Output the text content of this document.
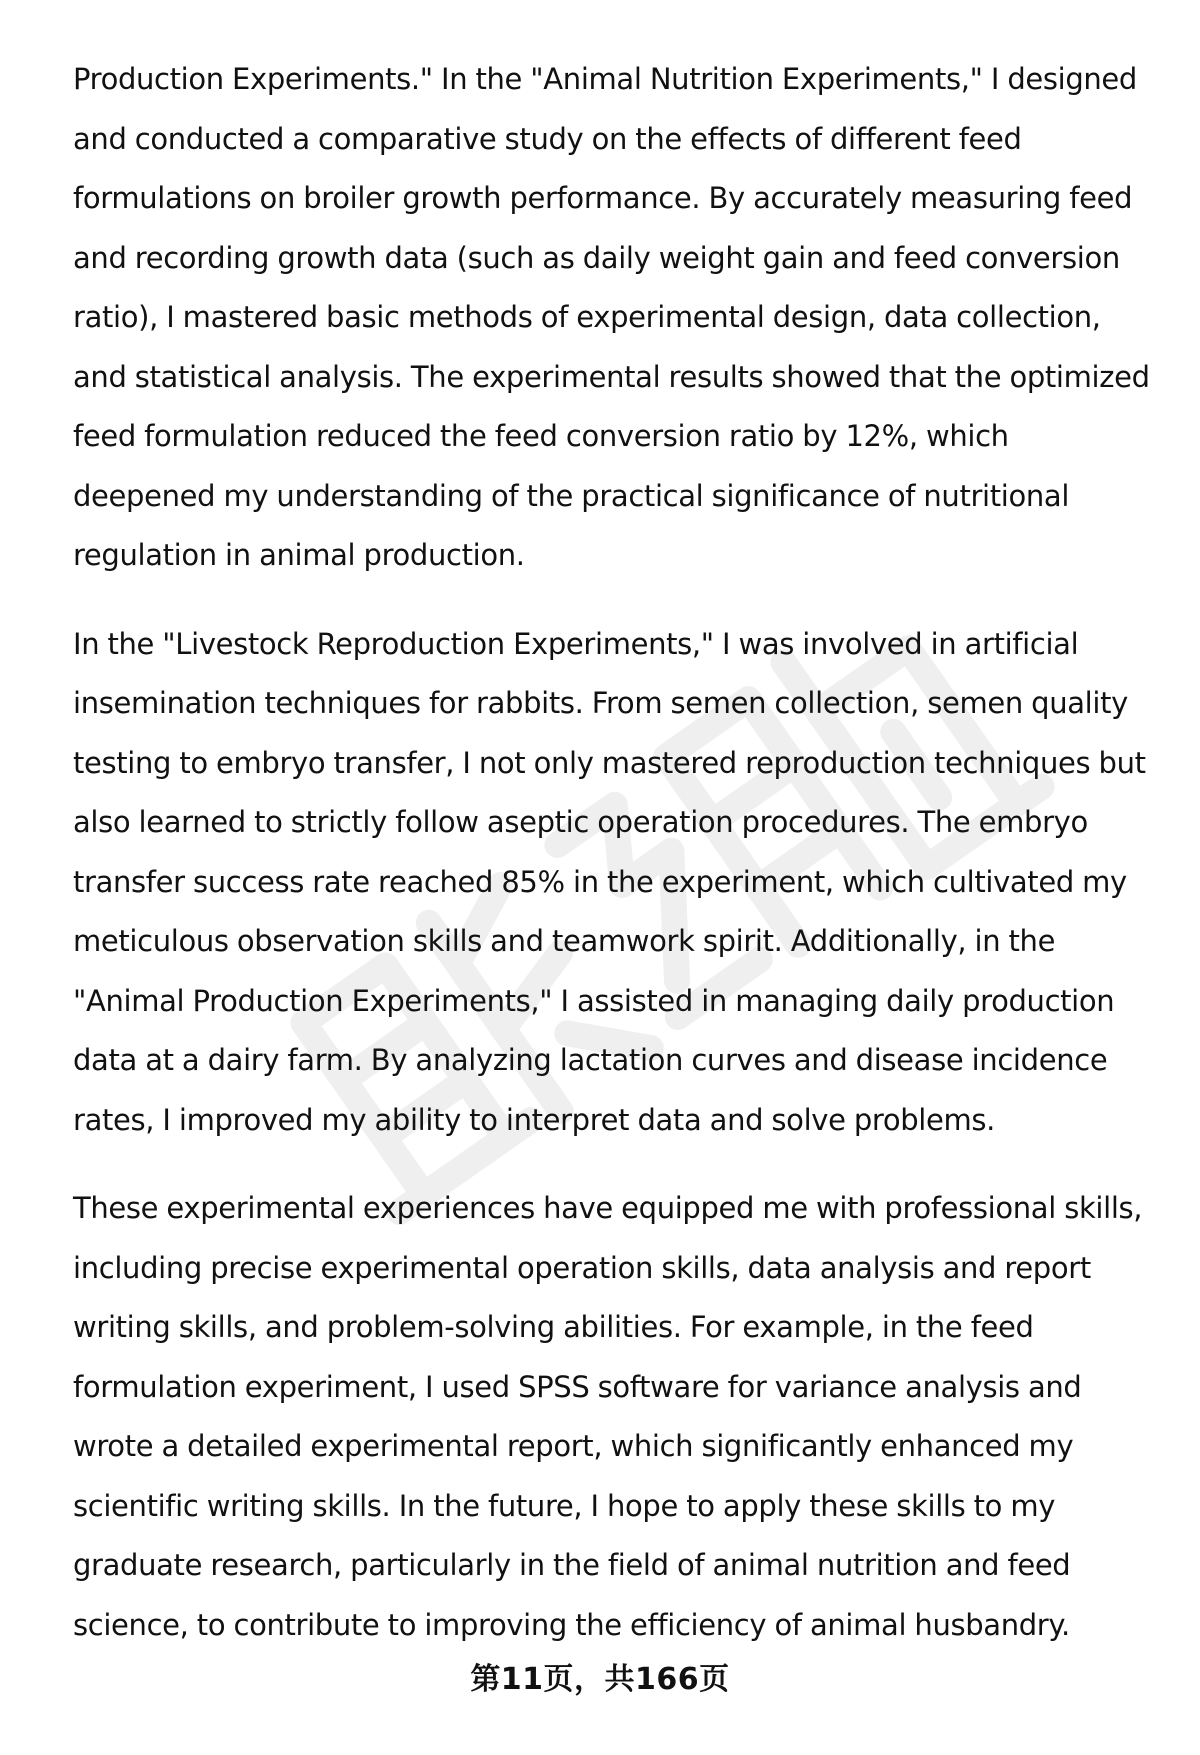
Production Experiments." In the "Animal Nutrition Experiments," I designed
and conducted a comparative study on the effects of different feed
formulations on broiler growth performance. By accurately measuring feed
and recording growth data (such as daily weight gain and feed conversion
ratio), I mastered basic methods of experimental design, data collection,
and statistical analysis. The experimental results showed that the optimized
feed formulation reduced the feed conversion ratio by 12%, which
deepened my understanding of the practical significance of nutritional
regulation in animal production.

In the "Livestock Reproduction Experiments," I was involved in artificial
insemination techniques for rabbits. From semen collection, semen quality
testing to embryo transfer, I not only mastered reproduction techniques but
also learned to strictly follow aseptic operation procedures. The embryo
transfer success rate reached 85% in the experiment, which cultivated my
meticulous observation skills and teamwork spirit. Additionally, in the
"Animal Production Experiments," I assisted in managing daily production
data at a dairy farm. By analyzing lactation curves and disease incidence
rates, I improved my ability to interpret data and solve problems.

These experimental experiences have equipped me with professional skills,
including precise experimental operation skills, data analysis and report
writing skills, and problem-solving abilities. For example, in the feed
formulation experiment, I used SPSS software for variance analysis and
wrote a detailed experimental report, which significantly enhanced my
scientific writing skills. In the future, I hope to apply these skills to my
graduate research, particularly in the field of animal nutrition and feed
science, to contribute to improving the efficiency of animal husbandry.

第11页，共166页
